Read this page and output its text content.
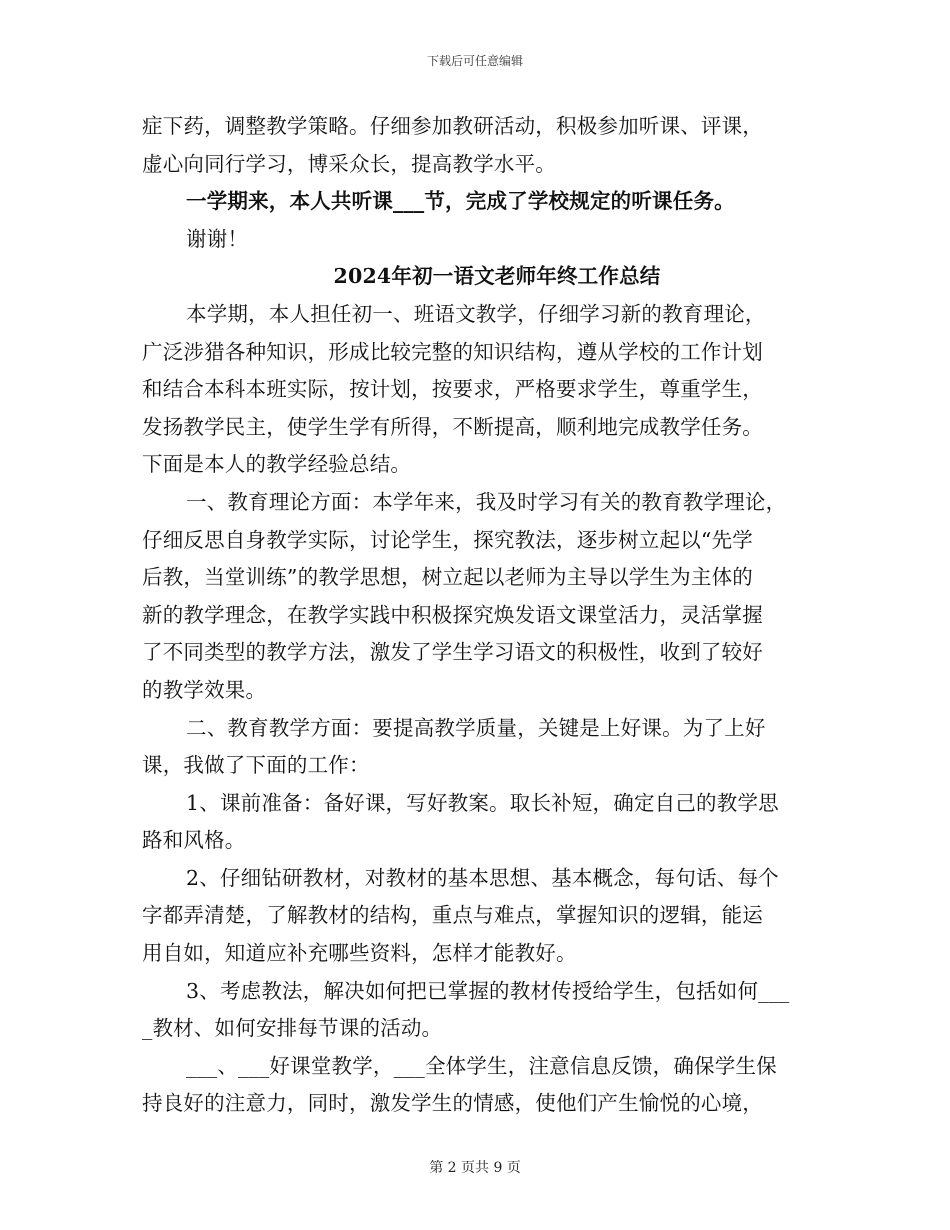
下载后可任意编辑
症下药，调整教学策略。仔细参加教研活动，积极参加听课、评课，
虚心向同行学习，博采众长，提高教学水平。
一学期来，本人共听课___节，完成了学校规定的听课任务。
谢谢！
2024年初一语文老师年终工作总结
本学期，本人担任初一、班语文教学，仔细学习新的教育理论，
广泛涉猎各种知识，形成比较完整的知识结构，遵从学校的工作计划
和结合本科本班实际，按计划，按要求，严格要求学生，尊重学生，
发扬教学民主，使学生学有所得，不断提高，顺利地完成教学任务。
下面是本人的教学经验总结。
一、教育理论方面：本学年来，我及时学习有关的教育教学理论，
仔细反思自身教学实际，讨论学生，探究教法，逐步树立起以“先学
后教，当堂训练”的教学思想，树立起以老师为主导以学生为主体的
新的教学理念，在教学实践中积极探究焕发语文课堂活力，灵活掌握
了不同类型的教学方法，激发了学生学习语文的积极性，收到了较好
的教学效果。
二、教育教学方面：要提高教学质量，关键是上好课。为了上好
课，我做了下面的工作：
1、课前准备：备好课，写好教案。取长补短，确定自己的教学思
路和风格。
2、仔细钻研教材，对教材的基本思想、基本概念，每句话、每个
字都弄清楚，了解教材的结构，重点与难点，掌握知识的逻辑，能运
用自如，知道应补充哪些资料，怎样才能教好。
3、考虑教法，解决如何把已掌握的教材传授给学生，包括如何___
_教材、如何安排每节课的活动。
___、___好课堂教学，___全体学生，注意信息反馈，确保学生保
持良好的注意力，同时，激发学生的情感，使他们产生愉悦的心境，
第 2 页共 9 页
